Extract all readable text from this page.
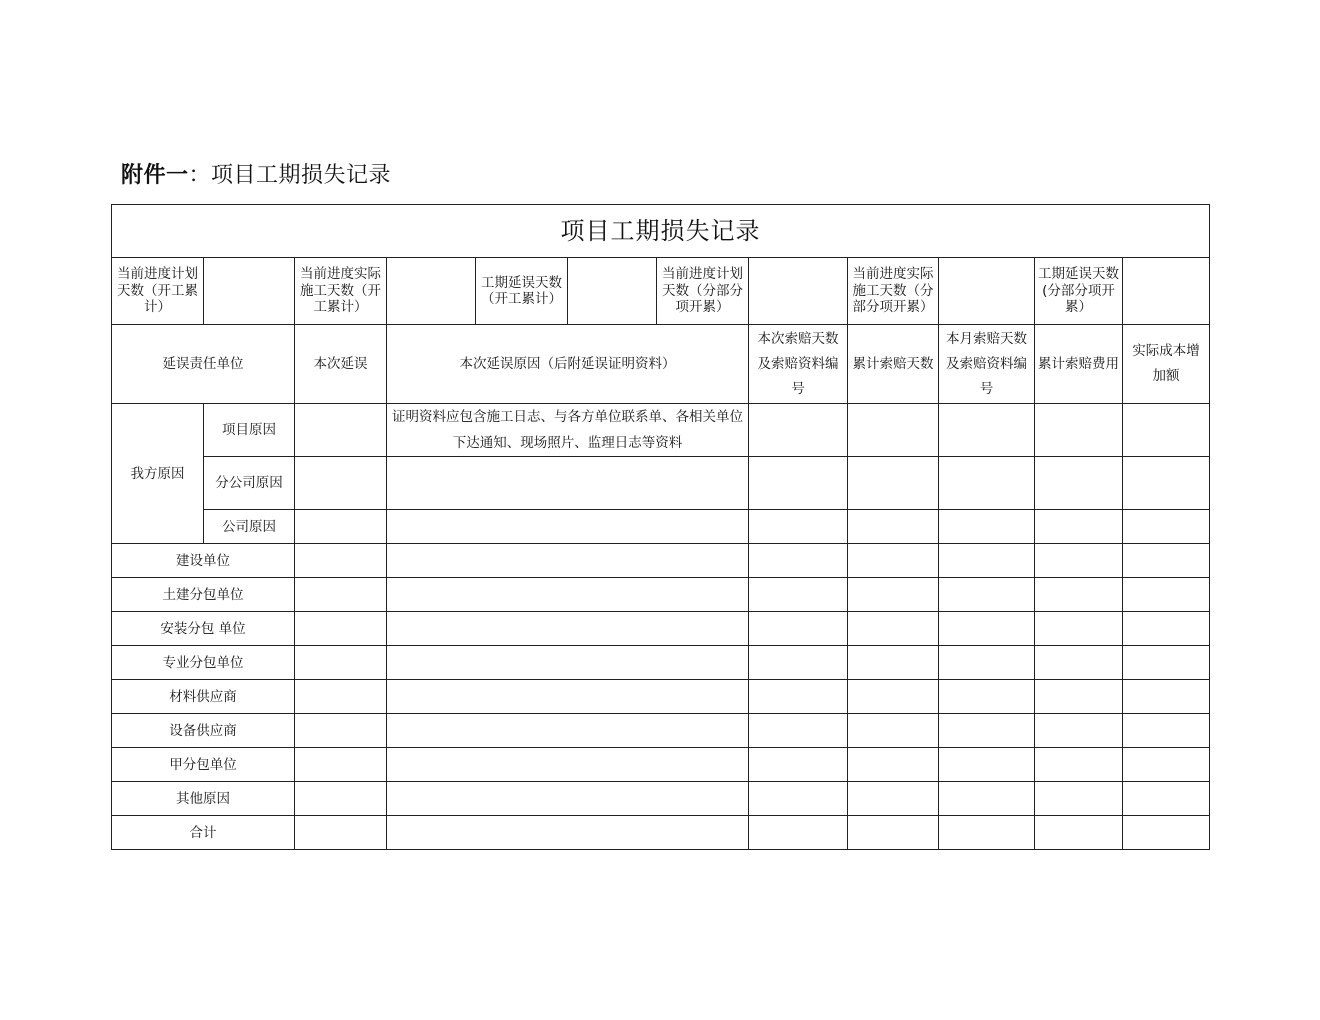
附件一：项目工期损失记录
项目工期损失记录											
当前进度计划天数（开工累计）		当前进度实际施工天数（开工累计）		工期延误天数（开工累计）		当前进度计划天数（分部分项开累）		当前进度实际施工天数（分部分项开累）		工期延误天数(分部分项开累）	
延误责任单位		本次延误	本次延误原因（后附延误证明资料）				本次索赔天数及索赔资料编号	累计索赔天数	本月索赔天数及索赔资料编号	累计索赔费用	实际成本增加额
我方原因	项目原因		证明资料应包含施工日志、与各方单位联系单、各相关单位下达通知、现场照片、监理日志等资料								
	分公司原因										
	公司原因										
建设单位											
土建分包单位											
安装分包 单位											
专业分包单位											
材料供应商											
设备供应商											
甲分包单位											
其他原因											
合计											
